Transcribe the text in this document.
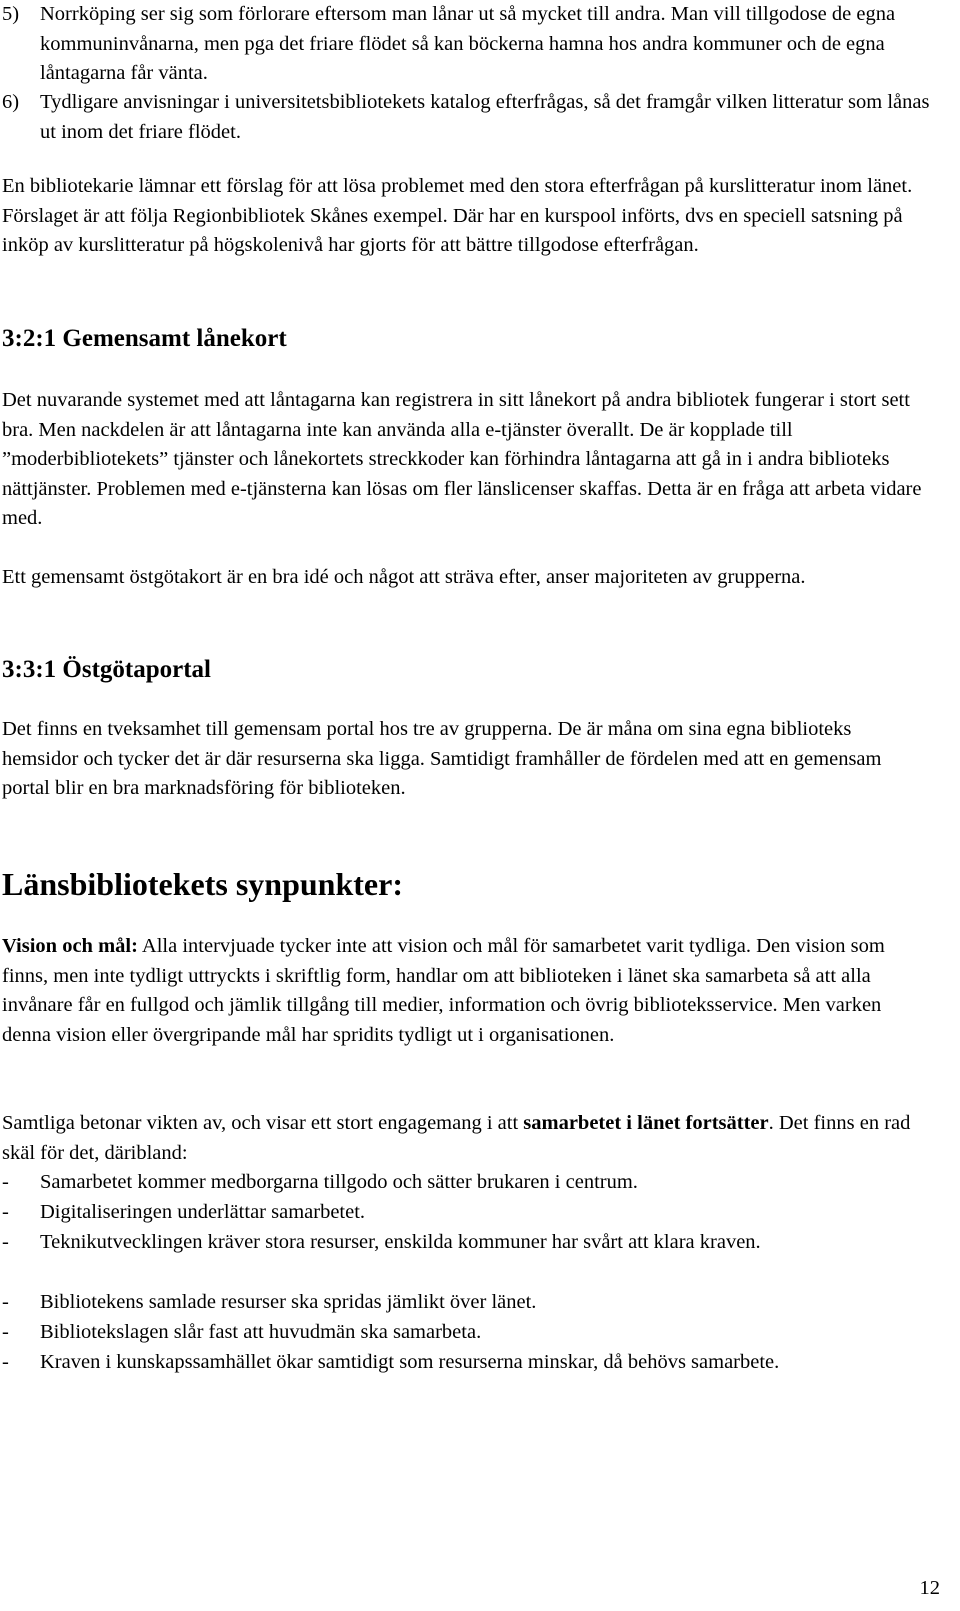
5) Norrköping ser sig som förlorare eftersom man lånar ut så mycket till andra. Man vill tillgodose de egna kommuninvånarna, men pga det friare flödet så kan böckerna hamna hos andra kommuner och de egna låntagarna får vänta.
6) Tydligare anvisningar i universitetsbibliotekets katalog efterfrågas, så det framgår vilken litteratur som lånas ut inom det friare flödet.

En bibliotekarie lämnar ett förslag för att lösa problemet med den stora efterfrågan på kurslitteratur inom länet. Förslaget är att följa Regionbibliotek Skånes exempel. Där har en kurspool införts, dvs en speciell satsning på inköp av kurslitteratur på högskolenivå har gjorts för att bättre tillgodose efterfrågan.

3:2:1 Gemensamt lånekort

Det nuvarande systemet med att låntagarna kan registrera in sitt lånekort på andra bibliotek fungerar i stort sett bra. Men nackdelen är att låntagarna inte kan använda alla e-tjänster överallt. De är kopplade till ”moderbibliotekets” tjänster och lånekortets streckkoder kan förhindra låntagarna att gå in i andra biblioteks nättjänster. Problemen med e-tjänsterna kan lösas om fler länslicenser skaffas. Detta är en fråga att arbeta vidare med.

Ett gemensamt östgötakort är en bra idé och något att sträva efter, anser majoriteten av grupperna.

3:3:1 Östgötaportal

Det finns en tveksamhet till gemensam portal hos tre av grupperna. De är måna om sina egna biblioteks hemsidor och tycker det är där resurserna ska ligga. Samtidigt framhåller de fördelen med att en gemensam portal blir en bra marknadsföring för biblioteken.

Länsbibliotekets synpunkter:

Vision och mål: Alla intervjuade tycker inte att vision och mål för samarbetet varit tydliga. Den vision som finns, men inte tydligt uttryckts i skriftlig form, handlar om att biblioteken i länet ska samarbeta så att alla invånare får en fullgod och jämlik tillgång till medier, information och övrig biblioteksservice. Men varken denna vision eller övergripande mål har spridits tydligt ut i organisationen.

Samtliga betonar vikten av, och visar ett stort engagemang i att samarbetet i länet fortsätter. Det finns en rad skäl för det, däribland:

- Samarbetet kommer medborgarna tillgodo och sätter brukaren i centrum.
- Digitaliseringen underlättar samarbetet.
- Teknikutvecklingen kräver stora resurser, enskilda kommuner har svårt att klara kraven.
- Bibliotekens samlade resurser ska spridas jämlikt över länet.
- Bibliotekslagen slår fast att huvudmän ska samarbeta.
- Kraven i kunskapssamhället ökar samtidigt som resurserna minskar, då behövs samarbete.

12
